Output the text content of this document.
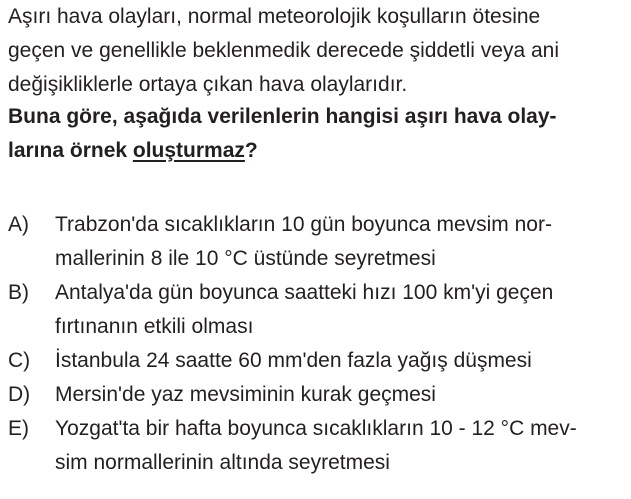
Aşırı hava olayları, normal meteorolojik koşulların ötesine
geçen ve genellikle beklenmedik derecede şiddetli veya ani
değişikliklerle ortaya çıkan hava olaylarıdır.
Buna göre, aşağıda verilenlerin hangisi aşırı hava olay-
larına örnek oluşturmaz?
A) Trabzon'da sıcaklıkların 10 gün boyunca mevsim nor-
mallerinin 8 ile 10 °C üstünde seyretmesi
B) Antalya'da gün boyunca saatteki hızı 100 km'yi geçen
fırtınanın etkili olması
C) İstanbula 24 saatte 60 mm'den fazla yağış düşmesi
D) Mersin'de yaz mevsiminin kurak geçmesi
E) Yozgat'ta bir hafta boyunca sıcaklıkların 10 - 12 °C mev-
sim normallerinin altında seyretmesi
